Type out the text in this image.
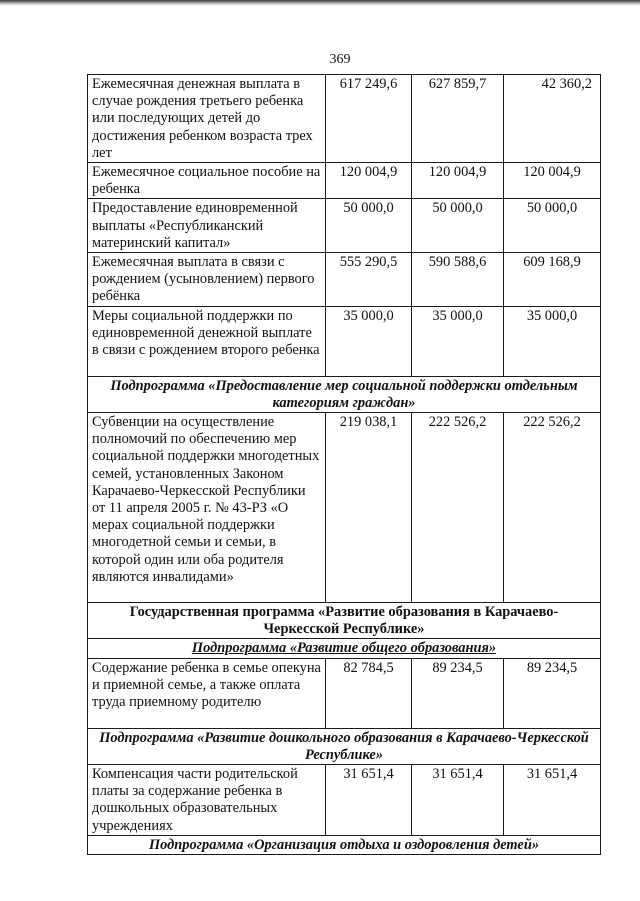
369
Ежемесячная денежная выплата в случае рождения третьего ребенка или последующих детей до достижения ребенком возраста трех лет	617 249,6	627 859,7	42 360,2
Ежемесячное социальное пособие на ребенка	120 004,9	120 004,9	120 004,9
Предоставление единовременной выплаты «Республиканский материнский капитал»	50 000,0	50 000,0	50 000,0
Ежемесячная выплата в связи с рождением (усыновлением) первого ребёнка	555 290,5	590 588,6	609 168,9
Меры социальной поддержки по единовременной денежной выплате в связи с рождением второго ребенка	35 000,0	35 000,0	35 000,0
Подпрограмма «Предоставление мер социальной поддержки отдельным категориям граждан»			
Субвенции на осуществление полномочий по обеспечению мер социальной поддержки многодетных семей, установленных Законом Карачаево-Черкесской Республики от 11 апреля 2005 г. № 43-РЗ «О мерах социальной поддержки многодетной семьи и семьи, в которой один или оба родителя являются инвалидами»	219 038,1	222 526,2	222 526,2
Государственная программа «Развитие образования в Карачаево-Черкесской Республике»			
Подпрограмма «Развитие общего образования»			
Содержание ребенка в семье опекуна и приемной семье, а также оплата труда приемному родителю	82 784,5	89 234,5	89 234,5
Подпрограмма «Развитие дошкольного образования в Карачаево-Черкесской Республике»			
Компенсация части родительской платы за содержание ребенка в дошкольных образовательных учреждениях	31 651,4	31 651,4	31 651,4
Подпрограмма «Организация отдыха и оздоровления детей»			
